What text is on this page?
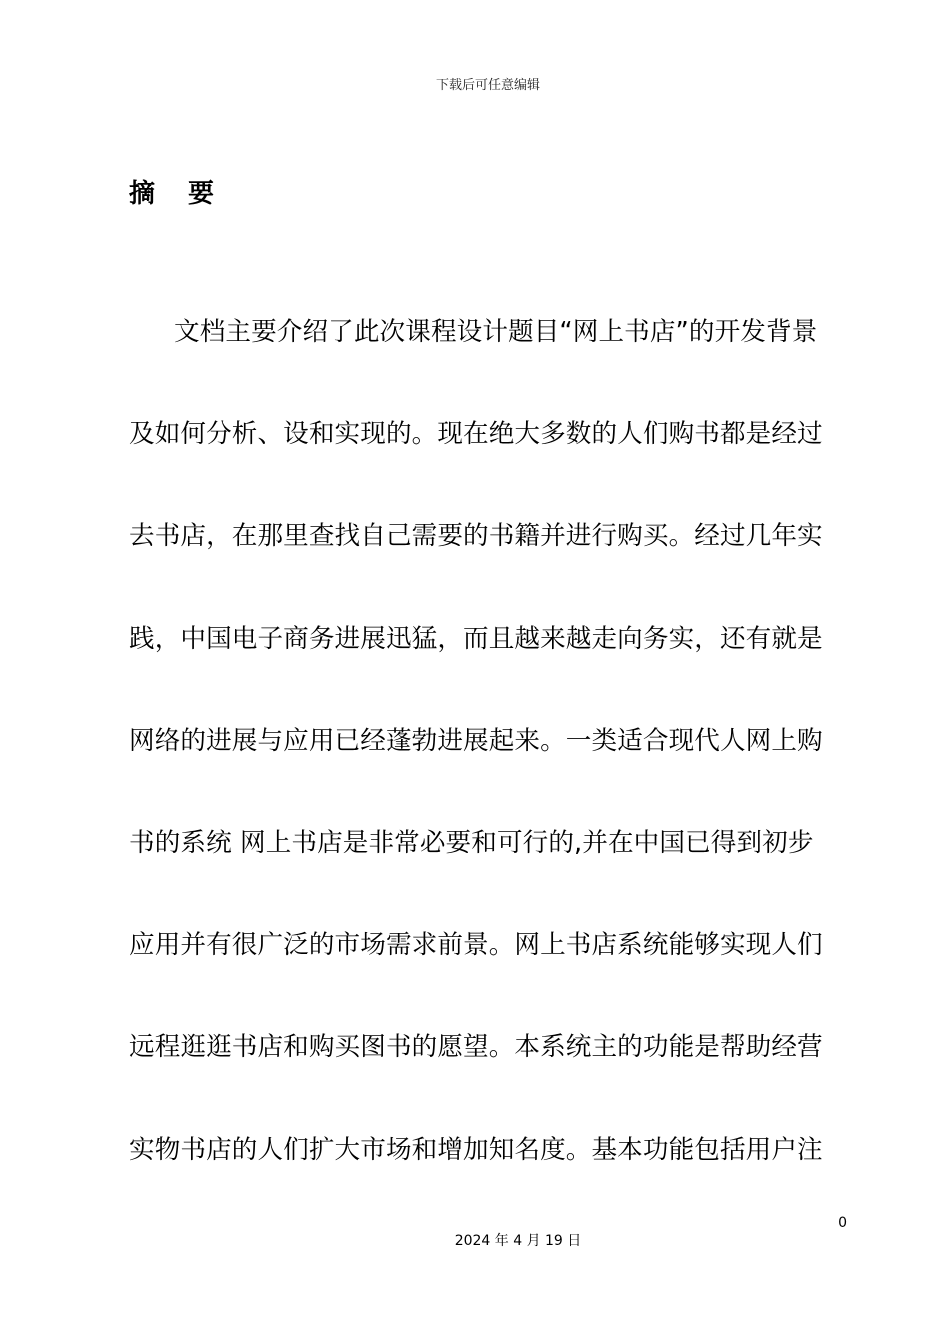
下载后可任意编辑
摘 要
文档主要介绍了此次课程设计题目“网上书店”的开发背景
及如何分析、设和实现的。现在绝大多数的人们购书都是经过
去书店，在那里查找自己需要的书籍并进行购买。经过几年实
践，中国电子商务进展迅猛，而且越来越走向务实，还有就是
网络的进展与应用已经蓬勃进展起来。一类适合现代人网上购
书的系统 网上书店是非常必要和可行的,并在中国已得到初步
应用并有很广泛的市场需求前景。网上书店系统能够实现人们
远程逛逛书店和购买图书的愿望。本系统主的功能是帮助经营
实物书店的人们扩大市场和增加知名度。基本功能包括用户注
0
2024 年 4 月 19 日
